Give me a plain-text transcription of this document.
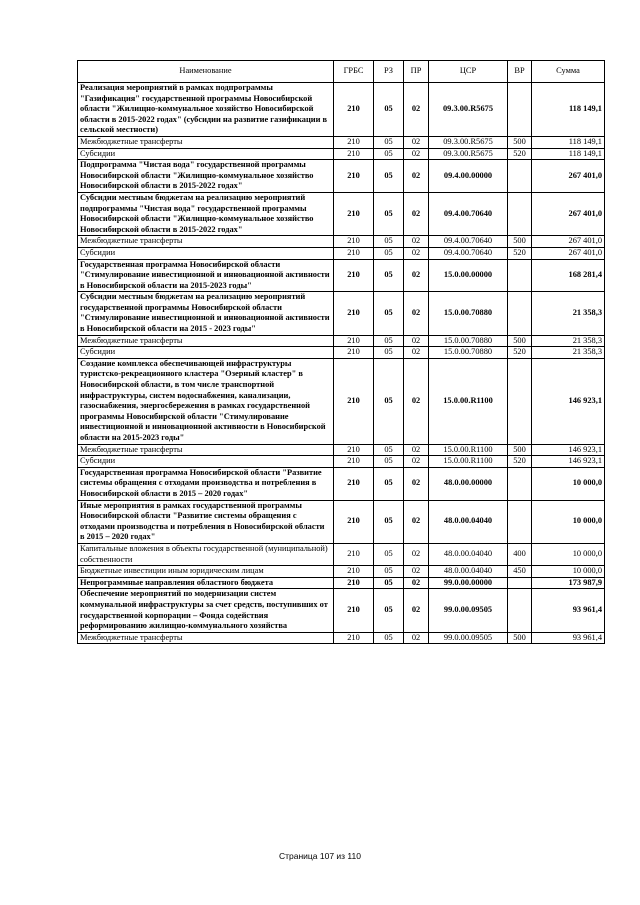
Наименование	ГРБС	РЗ	ПР	ЦСР	ВР	Сумма
Реализация мероприятий в рамках подпрограммы "Газификация" государственной программы Новосибирской области "Жилищно-коммунальное хозяйство Новосибирской области в 2015-2022 годах" (субсидии на развитие газификации в сельской местности)	210	05	02	09.3.00.R5675		118 149,1
Межбюджетные трансферты	210	05	02	09.3.00.R5675	500	118 149,1
Субсидии	210	05	02	09.3.00.R5675	520	118 149,1
Подпрограмма "Чистая вода" государственной программы Новосибирской области "Жилищно-коммунальное хозяйство Новосибирской области в 2015-2022 годах"	210	05	02	09.4.00.00000		267 401,0
Субсидии местным бюджетам на реализацию мероприятий подпрограммы "Чистая вода" государственной программы Новосибирской области "Жилищно-коммунальное хозяйство Новосибирской области в 2015-2022 годах"	210	05	02	09.4.00.70640		267 401,0
Межбюджетные трансферты	210	05	02	09.4.00.70640	500	267 401,0
Субсидии	210	05	02	09.4.00.70640	520	267 401,0
Государственная программа Новосибирской области "Стимулирование инвестиционной и инновационной активности в Новосибирской области на 2015-2023 годы"	210	05	02	15.0.00.00000		168 281,4
Субсидии местным бюджетам на реализацию мероприятий государственной программы Новосибирской области "Стимулирование инвестиционной и инновационной активности в Новосибирской области на 2015 - 2023 годы"	210	05	02	15.0.00.70880		21 358,3
Межбюджетные трансферты	210	05	02	15.0.00.70880	500	21 358,3
Субсидии	210	05	02	15.0.00.70880	520	21 358,3
Создание комплекса обеспечивающей инфраструктуры туристско-рекреационного кластера "Озерный кластер" в Новосибирской области, в том числе транспортной инфраструктуры, систем водоснабжения, канализации, газоснабжения, энергосбережения в рамках государственной программы Новосибирской области "Стимулирование инвестиционной и инновационной активности в Новосибирской области на 2015-2023 годы"	210	05	02	15.0.00.R1100		146 923,1
Межбюджетные трансферты	210	05	02	15.0.00.R1100	500	146 923,1
Субсидии	210	05	02	15.0.00.R1100	520	146 923,1
Государственная программа Новосибирской области "Развитие системы обращения с отходами производства и потребления в Новосибирской области в 2015 – 2020 годах"	210	05	02	48.0.00.00000		10 000,0
Иные мероприятия в рамках государственной программы Новосибирской области "Развитие системы обращения с отходами производства и потребления в Новосибирской области в 2015 – 2020 годах"	210	05	02	48.0.00.04040		10 000,0
Капитальные вложения в объекты государственной (муниципальной) собственности	210	05	02	48.0.00.04040	400	10 000,0
Бюджетные инвестиции иным юридическим лицам	210	05	02	48.0.00.04040	450	10 000,0
Непрограммные направления областного бюджета	210	05	02	99.0.00.00000		173 987,9
Обеспечение мероприятий по модернизации систем коммунальной инфраструктуры за счет средств, поступивших от государственной корпорации – Фонда содействия реформированию жилищно-коммунального хозяйства	210	05	02	99.0.00.09505		93 961,4
Межбюджетные трансферты	210	05	02	99.0.00.09505	500	93 961,4
Страница 107 из 110
